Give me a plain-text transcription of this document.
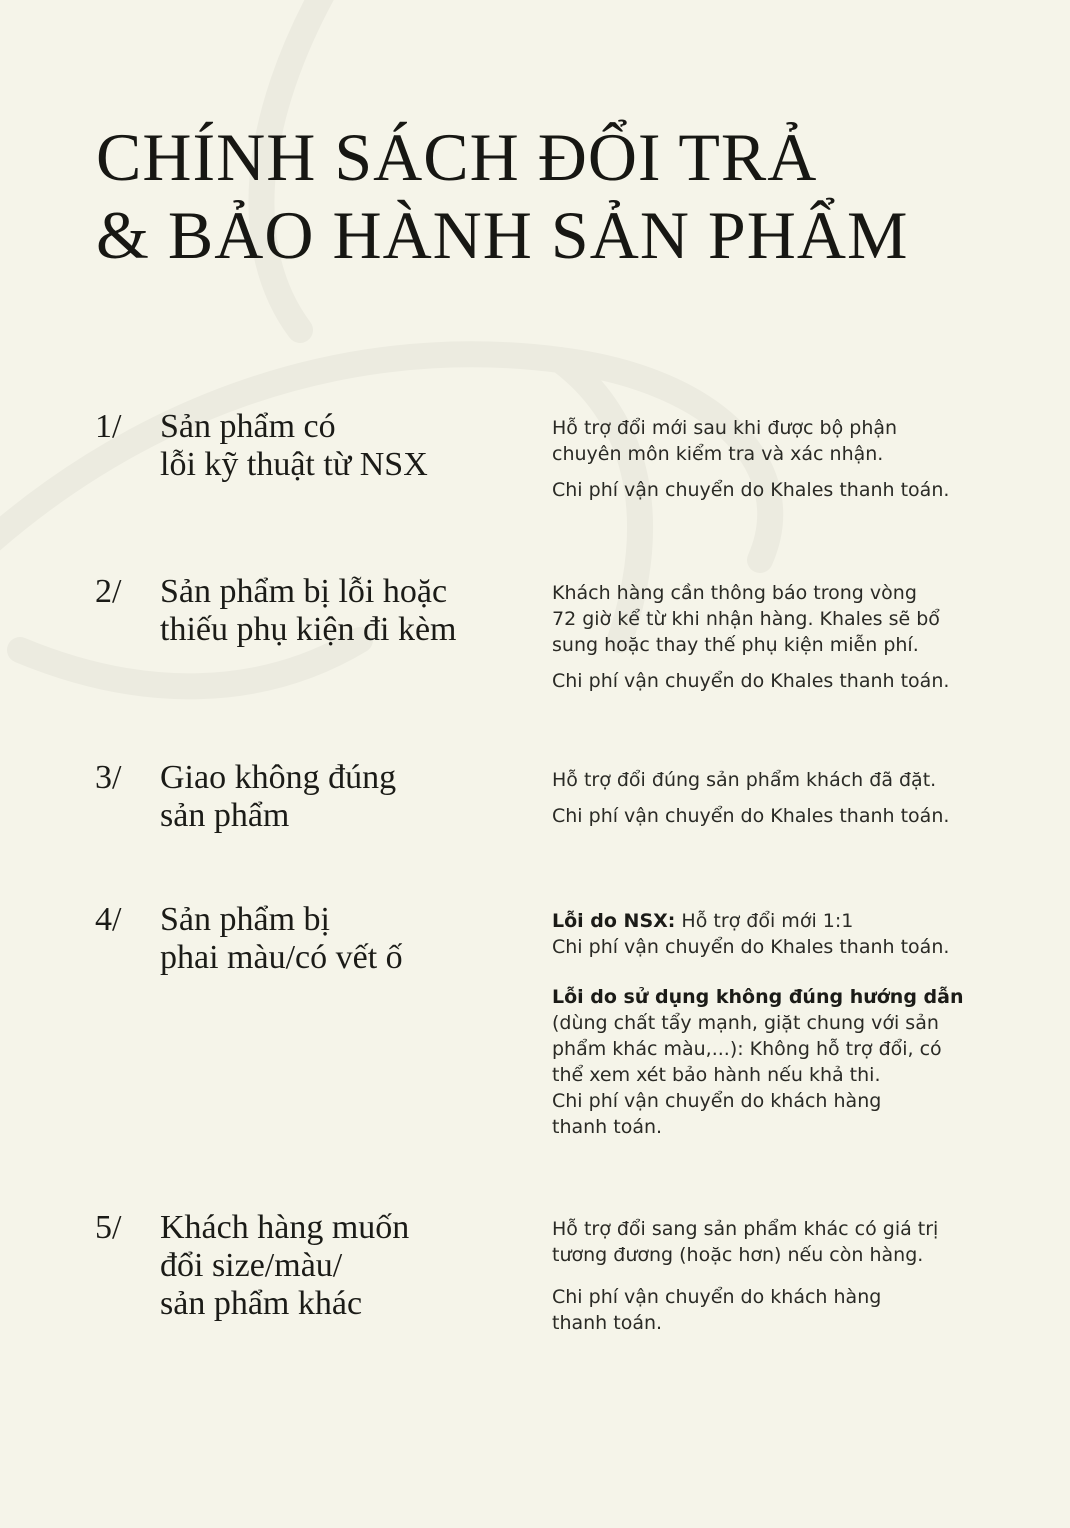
CHÍNH SÁCH ĐỔI TRẢ
& BẢO HÀNH SẢN PHẨM
1/ Sản phẩm có
lỗi kỹ thuật từ NSX

Hỗ trợ đổi mới sau khi được bộ phận
chuyên môn kiểm tra và xác nhận.

Chi phí vận chuyển do Khales thanh toán.

2/ Sản phẩm bị lỗi hoặc
thiếu phụ kiện đi kèm

Khách hàng cần thông báo trong vòng
72 giờ kể từ khi nhận hàng. Khales sẽ bổ
sung hoặc thay thế phụ kiện miễn phí.

Chi phí vận chuyển do Khales thanh toán.

3/ Giao không đúng
sản phẩm

Hỗ trợ đổi đúng sản phẩm khách đã đặt.

Chi phí vận chuyển do Khales thanh toán.

4/ Sản phẩm bị
phai màu/có vết ố

Lỗi do NSX: Hỗ trợ đổi mới 1:1
Chi phí vận chuyển do Khales thanh toán.

Lỗi do sử dụng không đúng hướng dẫn
(dùng chất tẩy mạnh, giặt chung với sản
phẩm khác màu,...): Không hỗ trợ đổi, có
thể xem xét bảo hành nếu khả thi.
Chi phí vận chuyển do khách hàng
thanh toán.

5/ Khách hàng muốn
đổi size/màu/
sản phẩm khác

Hỗ trợ đổi sang sản phẩm khác có giá trị
tương đương (hoặc hơn) nếu còn hàng.

Chi phí vận chuyển do khách hàng
thanh toán.
